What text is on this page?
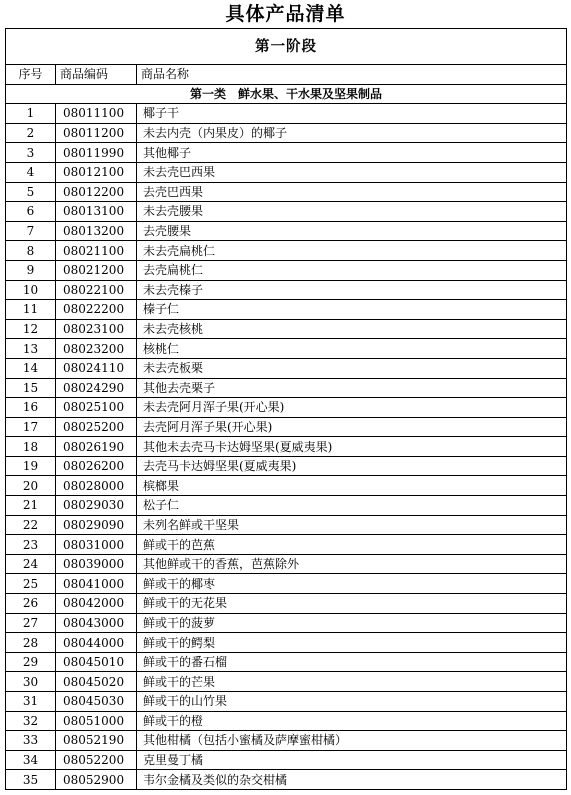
具体产品清单
第一阶段		
序号	商品编码	商品名称
第一类　鲜水果、干水果及坚果制品		
1	08011100	椰子干
2	08011200	未去内壳（内果皮）的椰子
3	08011990	其他椰子
4	08012100	未去壳巴西果
5	08012200	去壳巴西果
6	08013100	未去壳腰果
7	08013200	去壳腰果
8	08021100	未去壳扁桃仁
9	08021200	去壳扁桃仁
10	08022100	未去壳榛子
11	08022200	榛子仁
12	08023100	未去壳核桃
13	08023200	核桃仁
14	08024110	未去壳板栗
15	08024290	其他去壳栗子
16	08025100	未去壳阿月浑子果(开心果)
17	08025200	去壳阿月浑子果(开心果)
18	08026190	其他未去壳马卡达姆坚果(夏威夷果)
19	08026200	去壳马卡达姆坚果(夏威夷果)
20	08028000	槟榔果
21	08029030	松子仁
22	08029090	未列名鲜或干坚果
23	08031000	鲜或干的芭蕉
24	08039000	其他鲜或干的香蕉，芭蕉除外
25	08041000	鲜或干的椰枣
26	08042000	鲜或干的无花果
27	08043000	鲜或干的菠萝
28	08044000	鲜或干的鳄梨
29	08045010	鲜或干的番石榴
30	08045020	鲜或干的芒果
31	08045030	鲜或干的山竹果
32	08051000	鲜或干的橙
33	08052190	其他柑橘（包括小蜜橘及萨摩蜜柑橘）
34	08052200	克里曼丁橘
35	08052900	韦尔金橘及类似的杂交柑橘
